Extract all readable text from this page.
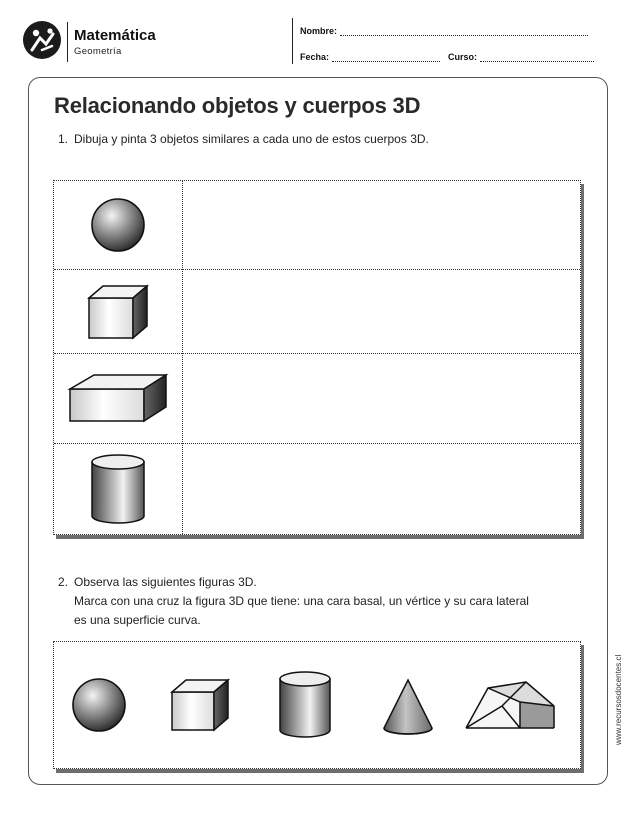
Matemática
Geometría
Nombre:
Fecha:	Curso:
Relacionando objetos y cuerpos 3D
1. Dibuja y pinta 3 objetos similares a cada uno de estos cuerpos 3D.
2. Observa las siguientes figuras 3D.
Marca con una cruz la figura 3D que tiene: una cara basal, un vértice y su cara lateral
es una superficie curva.
www.recursosdocentes.cl
